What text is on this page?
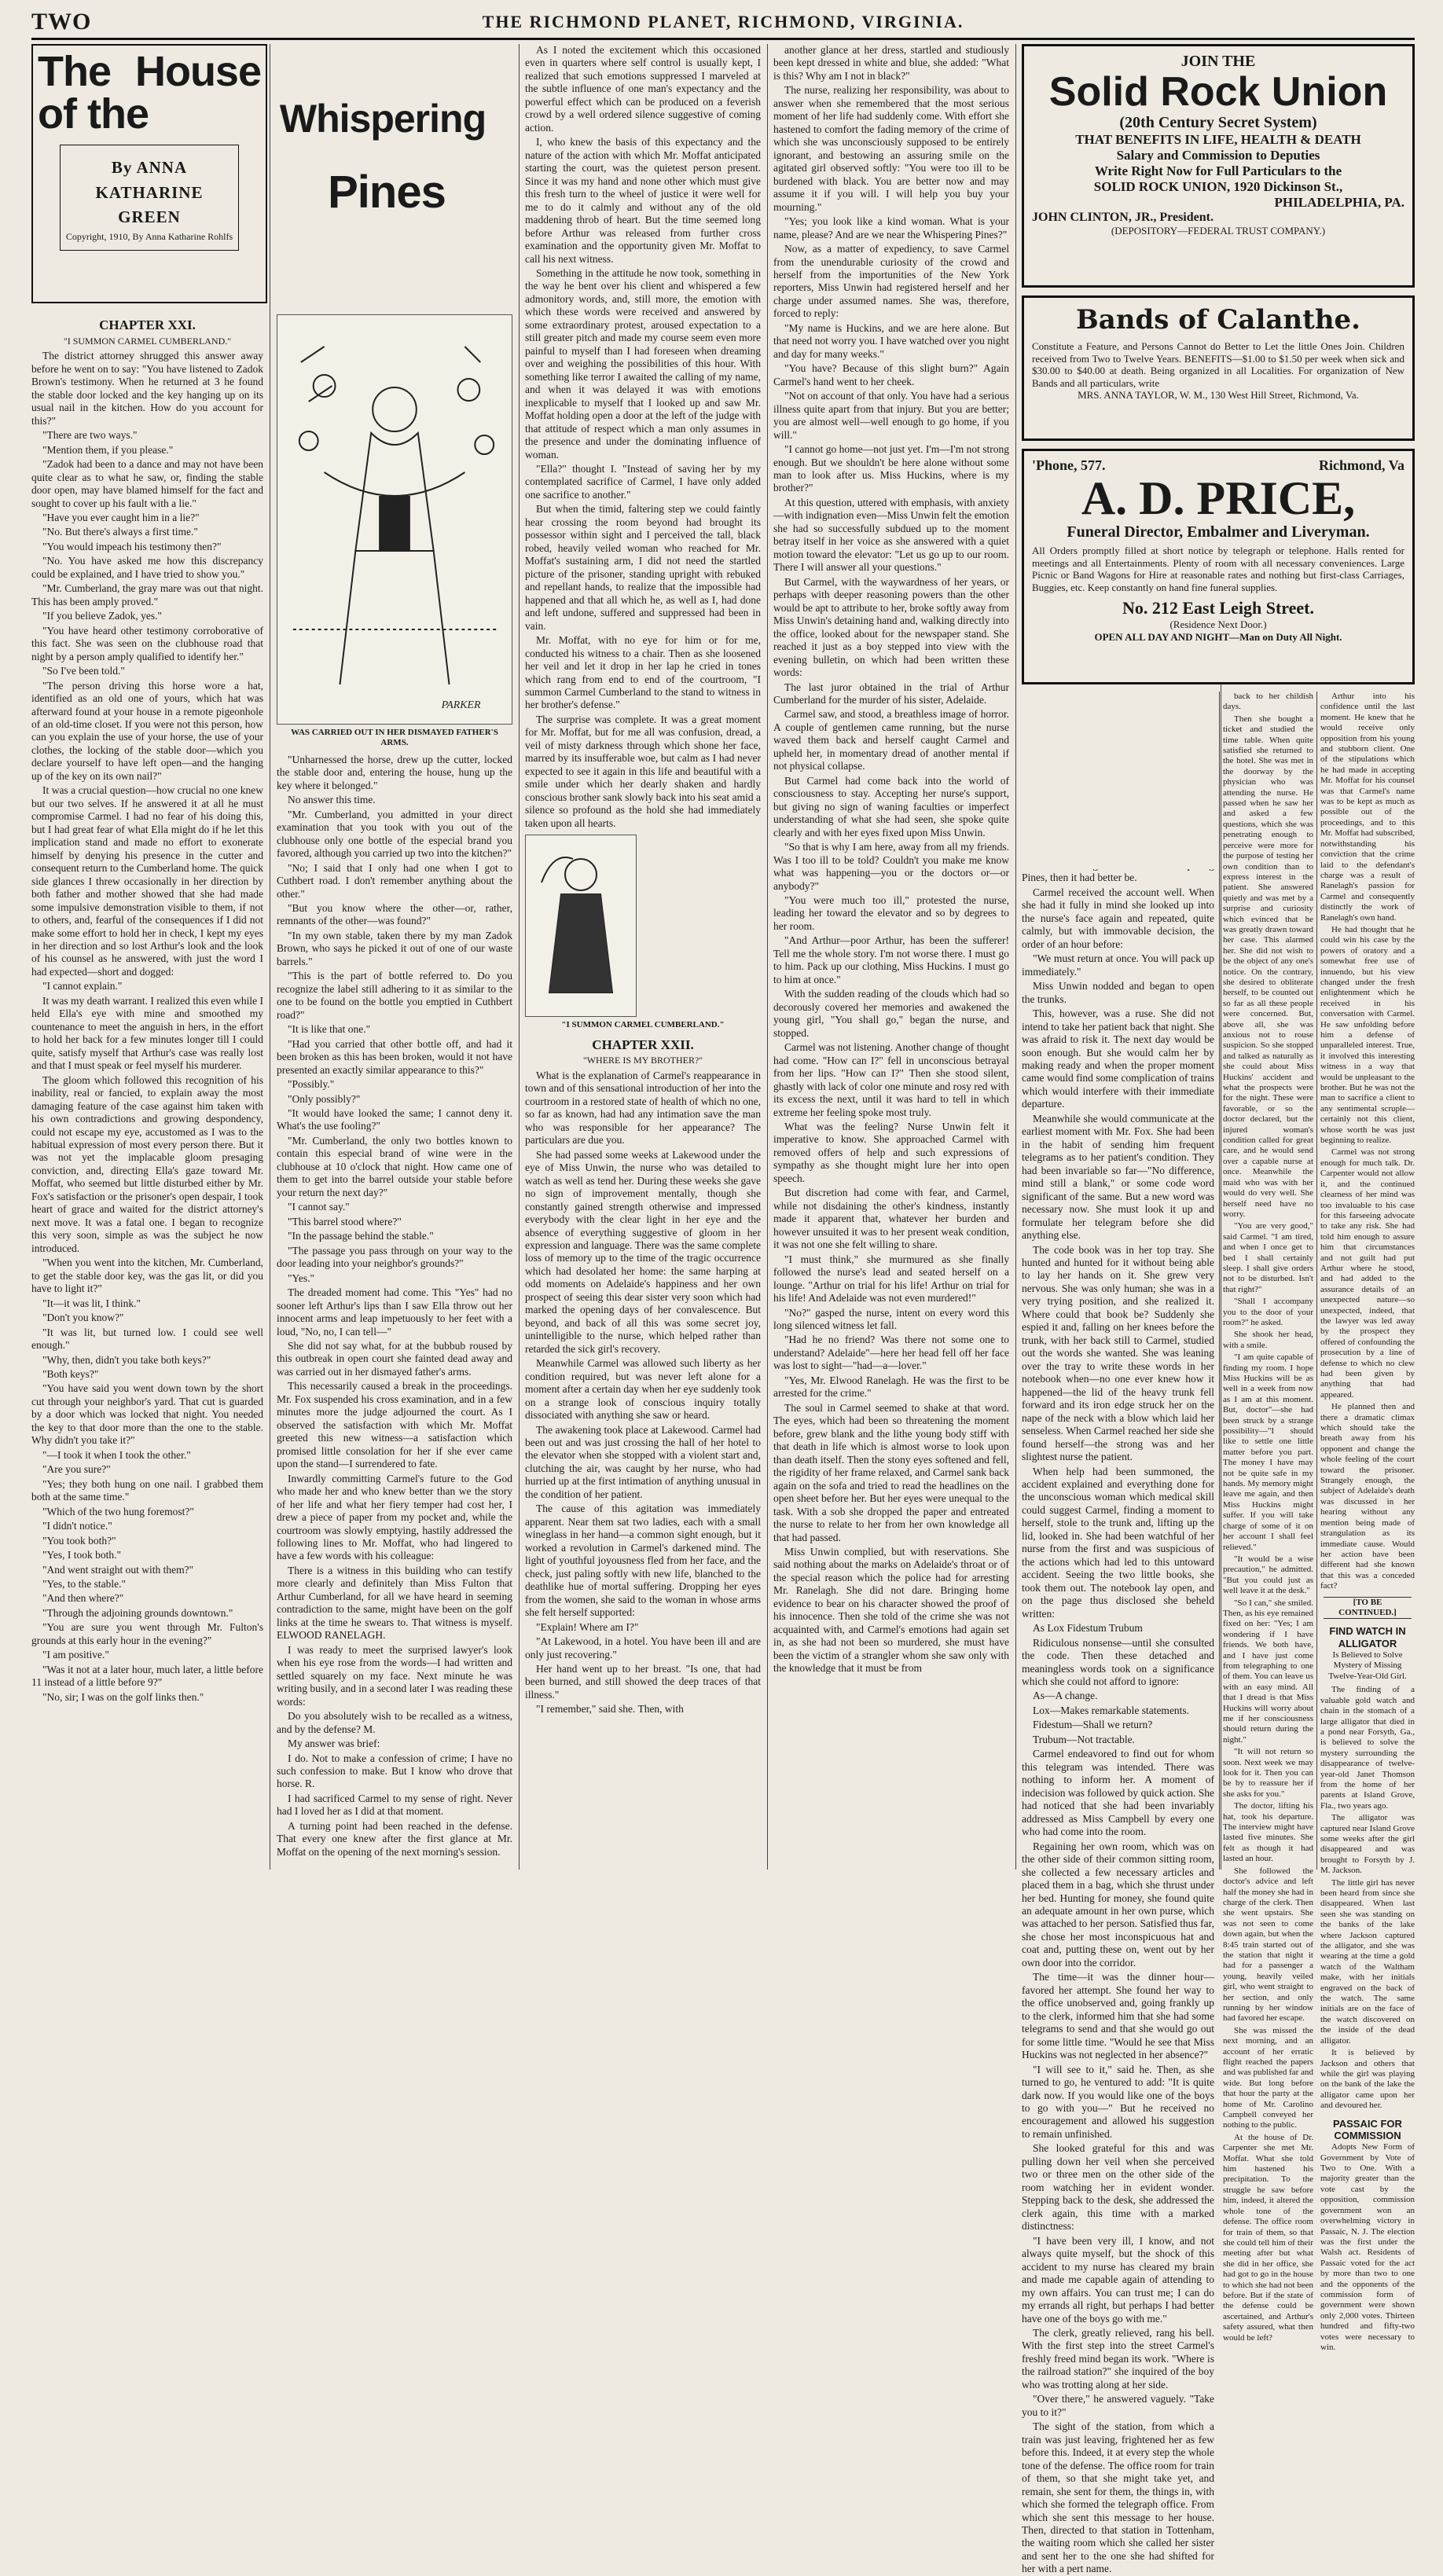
TWO	THE RICHMOND PLANET, RICHMOND, VIRGINIA.
The House of the
By ANNA
KATHARINE
GREEN
Copyright, 1910, By Anna Katharine Rohlfs
CHAPTER XXI.
"I SUMMON CARMEL CUMBERLAND."

The district attorney shrugged this answer away before he went on to say: "You have listened to Zadok Brown's testimony. When he returned at 3 he found the stable door locked and the key hanging up on its usual nail in the kitchen. How do you account for this?"

"There are two ways."

"Mention them, if you please."

"Zadok had been to a dance and may not have been quite clear as to what he saw, or, finding the stable door open, may have blamed himself for the fact and sought to cover up his fault with a lie."

"Have you ever caught him in a lie?"

"No. But there's always a first time."

"You would impeach his testimony then?"

"No. You have asked me how this discrepancy could be explained, and I have tried to show you."

"Mr. Cumberland, the gray mare was out that night. This has been amply proved."

"If you believe Zadok, yes."

"You have heard other testimony corroborative of this fact. She was seen on the clubhouse road that night by a person amply qualified to identify her."

"So I've been told."

"The person driving this horse wore a hat, identified as an old one of yours, which hat was afterward found at your house in a remote pigeonhole of an old-time closet. If you were not this person, how can you explain the use of your horse, the use of your clothes, the locking of the stable door—which you declare yourself to have left open—and the hanging up of the key on its own nail?"

It was a crucial question—how crucial no one knew but our two selves. If he answered it at all he must compromise Carmel. I had no fear of his doing this, but I had great fear of what Ella might do if he let this implication stand and made no effort to exonerate himself by denying his presence in the cutter and consequent return to the Cumberland home. The quick side glances I threw occasionally in her direction by both father and mother showed that she had made some impulsive demonstration visible to them, if not to others, and, fearful of the consequences if I did not make some effort to hold her in check, I kept my eyes in her direction and so lost Arthur's look and the look of his counsel as he answered, with just the word I had expected—short and dogged:

"I cannot explain."

It was my death warrant. I realized this even while I held Ella's eye with mine and smoothed my countenance to meet the anguish in hers, in the effort to hold her back for a few minutes longer till I could quite, satisfy myself that Arthur's case was really lost and that I must speak or feel myself his murderer.

The gloom which followed this recognition of his inability, real or fancied, to explain away the most damaging feature of the case against him taken with his own contradictions and growing despondency, could not escape my eye, accustomed as I was to the habitual expression of most every person there. But it was not yet the implacable gloom presaging conviction, and, directing Ella's gaze toward Mr. Moffat, who seemed but little disturbed either by Mr. Fox's satisfaction or the prisoner's open despair, I took heart of grace and waited for the district attorney's next move. It was a fatal one. I began to recognize this very soon, simple as was the subject he now introduced.

"When you went into the kitchen, Mr. Cumberland, to get the stable door key, was the gas lit, or did you have to light it?"

"It—it was lit, I think."

"Don't you know?"

"It was lit, but turned low. I could see well enough."

"Why, then, didn't you take both keys?"

"Both keys?"

"You have said you went down town by the short cut through your neighbor's yard. That cut is guarded by a door which was locked that night. You needed the key to that door more than the one to the stable. Why didn't you take it?"

"—I took it when I took the other."

"Are you sure?"

"Yes; they both hung on one nail. I grabbed them both at the same time."

"Which of the two hung foremost?"

"I didn't notice."

"You took both?"

"Yes, I took both."

"And went straight out with them?"

"Yes, to the stable."

"And then where?"

"Through the adjoining grounds downtown."

"You are sure you went through Mr. Fulton's grounds at this early hour in the evening?"

"I am positive."

"Was it not at a later hour, much later, a little before 11 instead of a little before 9?"

"No, sir; I was on the golf links then."

Whispering
Pines
PARKER
WAS CARRIED OUT IN HER DISMAYED FATHER'S ARMS.

"Unharnessed the horse, drew up the cutter, locked the stable door and, entering the house, hung up the key where it belonged."

No answer this time.

"Mr. Cumberland, you admitted in your direct examination that you took with you out of the clubhouse only one bottle of the especial brand you favored, although you carried up two into the kitchen?"

"No; I said that I only had one when I got to Cuthbert road. I don't remember anything about the other."

"But you know where the other—or, rather, remnants of the other—was found?"

"In my own stable, taken there by my man Zadok Brown, who says he picked it out of one of our waste barrels."

"This is the part of bottle referred to. Do you recognize the label still adhering to it as similar to the one to be found on the bottle you emptied in Cuthbert road?"

"It is like that one."

"Had you carried that other bottle off, and had it been broken as this has been broken, would it not have presented an exactly similar appearance to this?"

"Possibly."

"Only possibly?"

"It would have looked the same; I cannot deny it. What's the use fooling?"

"Mr. Cumberland, the only two bottles known to contain this especial brand of wine were in the clubhouse at 10 o'clock that night. How came one of them to get into the barrel outside your stable before your return the next day?"

"I cannot say."

"This barrel stood where?"

"In the passage behind the stable."

"The passage you pass through on your way to the door leading into your neighbor's grounds?"

"Yes."

The dreaded moment had come. This "Yes" had no sooner left Arthur's lips than I saw Ella throw out her innocent arms and leap impetuously to her feet with a loud, "No, no, I can tell—"

She did not say what, for at the bubbub roused by this outbreak in open court she fainted dead away and was carried out in her dismayed father's arms.

This necessarily caused a break in the proceedings. Mr. Fox suspended his cross examination, and in a few minutes more the judge adjourned the court. As I observed the satisfaction with which Mr. Moffat greeted this new witness—a satisfaction which promised little consolation for her if she ever came upon the stand—I surrendered to fate.

Inwardly committing Carmel's future to the God who made her and who knew better than we the story of her life and what her fiery temper had cost her, I drew a piece of paper from my pocket and, while the courtroom was slowly emptying, hastily addressed the following lines to Mr. Moffat, who had lingered to have a few words with his colleague:

There is a witness in this building who can testify more clearly and definitely than Miss Fulton that Arthur Cumberland, for all we have heard in seeming contradiction to the same, might have been on the golf links at the time he swears to. That witness is myself. ELWOOD RANELAGH.

I was ready to meet the surprised lawyer's look when his eye rose from the words—I had written and settled squarely on my face. Next minute he was writing busily, and in a second later I was reading these words:

Do you absolutely wish to be recalled as a witness, and by the defense? M.

My answer was brief:

I do. Not to make a confession of crime; I have no such confession to make. But I know who drove that horse. R.

I had sacrificed Carmel to my sense of right. Never had I loved her as I did at that moment.

A turning point had been reached in the defense. That every one knew after the first glance at Mr. Moffat on the opening of the next morning's session.

As I noted the excitement which this occasioned even in quarters where self control is usually kept, I realized that such emotions suppressed I marveled at the subtle influence of one man's expectancy and the powerful effect which can be produced on a feverish crowd by a well ordered silence suggestive of coming action.

I, who knew the basis of this expectancy and the nature of the action with which Mr. Moffat anticipated starting the court, was the quietest person present. Since it was my hand and none other which must give this fresh turn to the wheel of justice it were well for me to do it calmly and without any of the old maddening throb of heart. But the time seemed long before Arthur was released from further cross examination and the opportunity given Mr. Moffat to call his next witness.

Something in the attitude he now took, something in the way he bent over his client and whispered a few admonitory words, and, still more, the emotion with which these words were received and answered by some extraordinary protest, aroused expectation to a still greater pitch and made my course seem even more painful to myself than I had foreseen when dreaming over and weighing the possibilities of this hour. With something like terror I awaited the calling of my name, and when it was delayed it was with emotions inexplicable to myself that I looked up and saw Mr. Moffat holding open a door at the left of the judge with that attitude of respect which a man only assumes in the presence and under the dominating influence of woman.

"Ella?" thought I. "Instead of saving her by my contemplated sacrifice of Carmel, I have only added one sacrifice to another."

But when the timid, faltering step we could faintly hear crossing the room beyond had brought its possessor within sight and I perceived the tall, black robed, heavily veiled woman who reached for Mr. Moffat's sustaining arm, I did not need the startled picture of the prisoner, standing upright with rebuked and repellant hands, to realize that the impossible had happened and that all which he, as well as I, had done and left undone, suffered and suppressed had been in vain.

Mr. Moffat, with no eye for him or for me, conducted his witness to a chair. Then as she loosened her veil and let it drop in her lap he cried in tones which rang from end to end of the courtroom, "I summon Carmel Cumberland to the stand to witness in her brother's defense."

The surprise was complete. It was a great moment for Mr. Moffat, but for me all was confusion, dread, a veil of misty darkness through which shone her face, marred by its insufferable woe, but calm as I had never expected to see it again in this life and beautiful with a smile under which her dearly shaken and hardly conscious brother sank slowly back into his seat amid a silence so profound as the hold she had immediately taken upon all hearts.

"I SUMMON CARMEL CUMBERLAND."
CHAPTER XXII.
"WHERE IS MY BROTHER?"

What is the explanation of Carmel's reappearance in town and of this sensational introduction of her into the courtroom in a restored state of health of which no one, so far as known, had had any intimation save the man who was responsible for her appearance? The particulars are due you.

She had passed some weeks at Lakewood under the eye of Miss Unwin, the nurse who was detailed to watch as well as tend her. During these weeks she gave no sign of improvement mentally, though she constantly gained strength otherwise and impressed everybody with the clear light in her eye and the absence of everything suggestive of gloom in her expression and language. There was the same complete loss of memory up to the time of the tragic occurrence which had desolated her home: the same harping at odd moments on Adelaide's happiness and her own prospect of seeing this dear sister very soon which had marked the opening days of her convalescence. But beyond, and back of all this was some secret joy, unintelligible to the nurse, which helped rather than retarded the sick girl's recovery.

Meanwhile Carmel was allowed such liberty as her condition required, but was never left alone for a moment after a certain day when her eye suddenly took on a strange look of conscious inquiry totally dissociated with anything she saw or heard.

The awakening took place at Lakewood. Carmel had been out and was just crossing the hall of her hotel to the elevator when she stopped with a violent start and, clutching the air, was caught by her nurse, who had hurried up at the first intimation of anything unusual in the condition of her patient.

The cause of this agitation was immediately apparent. Near them sat two ladies, each with a small wineglass in her hand—a common sight enough, but it worked a revolution in Carmel's darkened mind. The light of youthful joyousness fled from her face, and the check, just paling softly with new life, blanched to the deathlike hue of mortal suffering. Dropping her eyes from the women, she said to the woman in whose arms she felt herself supported:

"Explain! Where am I?"

"At Lakewood, in a hotel. You have been ill and are only just recovering."

Her hand went up to her breast. "Is one, that had been burned, and still showed the deep traces of that illness."

"I remember," said she. Then, with

another glance at her dress, startled and studiously been kept dressed in white and blue, she added: "What is this? Why am I not in black?"

The nurse, realizing her responsibility, was about to answer when she remembered that the most serious moment of her life had suddenly come. With effort she hastened to comfort the fading memory of the crime of which she was unconsciously supposed to be entirely ignorant, and bestowing an assuring smile on the agitated girl observed softly: "You were too ill to be burdened with black. You are better now and may assume it if you will. I will help you buy your mourning."

"Yes; you look like a kind woman. What is your name, please? And are we near the Whispering Pines?"

Now, as a matter of expediency, to save Carmel from the unendurable curiosity of the crowd and herself from the importunities of the New York reporters, Miss Unwin had registered herself and her charge under assumed names. She was, therefore, forced to reply:

"My name is Huckins, and we are here alone. But that need not worry you. I have watched over you night and day for many weeks."

"You have? Because of this slight burn?" Again Carmel's hand went to her cheek.

"Not on account of that only. You have had a serious illness quite apart from that injury. But you are better; you are almost well—well enough to go home, if you will."

"I cannot go home—not just yet. I'm—I'm not strong enough. But we shouldn't be here alone without some man to look after us. Miss Huckins, where is my brother?"

At this question, uttered with emphasis, with anxiety—with indignation even—Miss Unwin felt the emotion she had so successfully subdued up to the moment betray itself in her voice as she answered with a quiet motion toward the elevator: "Let us go up to our room. There I will answer all your questions."

But Carmel, with the waywardness of her years, or perhaps with deeper reasoning powers than the other would be apt to attribute to her, broke softly away from Miss Unwin's detaining hand and, walking directly into the office, looked about for the newspaper stand. She reached it just as a boy stepped into view with the evening bulletin, on which had been written these words:

The last juror obtained in the trial of Arthur Cumberland for the murder of his sister, Adelaide.

Carmel saw, and stood, a breathless image of horror. A couple of gentlemen came running, but the nurse waved them back and herself caught Carmel and upheld her, in momentary dread of another mental if not physical collapse.

But Carmel had come back into the world of consciousness to stay. Accepting her nurse's support, but giving no sign of waning faculties or imperfect understanding of what she had seen, she spoke quite clearly and with her eyes fixed upon Miss Unwin.

"So that is why I am here, away from all my friends. Was I too ill to be told? Couldn't you make me know what was happening—you or the doctors or—or anybody?"

"You were much too ill," protested the nurse, leading her toward the elevator and so by degrees to her room.

"And Arthur—poor Arthur, has been the sufferer! Tell me the whole story. I'm not worse there. I must go to him. Pack up our clothing, Miss Huckins. I must go to him at once."

With the sudden reading of the clouds which had so decorously covered her memories and awakened the young girl, "You shall go," began the nurse, and stopped.

Carmel was not listening. Another change of thought had come. "How can I?" fell in unconscious betrayal from her lips. "How can I?" Then she stood silent, ghastly with lack of color one minute and rosy red with its excess the next, until it was hard to tell in which extreme her feeling spoke most truly.

What was the feeling? Nurse Unwin felt it imperative to know. She approached Carmel with removed offers of help and such expressions of sympathy as she thought might lure her into open speech.

But discretion had come with fear, and Carmel, while not disdaining the other's kindness, instantly made it apparent that, whatever her burden and however unsuited it was to her present weak condition, it was not one she felt willing to share.

"I must think," she murmured as she finally followed the nurse's lead and seated herself on a lounge. "Arthur on trial for his life! Arthur on trial for his life! And Adelaide was not even murdered!"

"No?" gasped the nurse, intent on every word this long silenced witness let fall.

"Had he no friend? Was there not some one to understand? Adelaide"—here her head fell off her face was lost to sight—"had—a—lover."

"Yes, Mr. Elwood Ranelagh. He was the first to be arrested for the crime."

The soul in Carmel seemed to shake at that word. The eyes, which had been so threatening the moment before, grew blank and the lithe young body stiff with that death in life which is almost worse to look upon than death itself. Then the stony eyes softened and fell, the rigidity of her frame relaxed, and Carmel sank back again on the sofa and tried to read the headlines on the open sheet before her. But her eyes were unequal to the task. With a sob she dropped the paper and entreated the nurse to relate to her from her own knowledge all that had passed.

Miss Unwin complied, but with reservations. She said nothing about the marks on Adelaide's throat or of the special reason which the police had for arresting Mr. Ranelagh. She did not dare. Bringing home evidence to bear on his character showed the proof of his innocence. Then she told of the crime she was not acquainted with, and Carmel's emotions had again set in, as she had not been so murdered, she must have been the victim of a strangler whom she saw only with the knowledge that it must be from

Pines, then it had better be.

Carmel received the account well. When she had it fully in mind she looked up into the nurse's face again and repeated, quite calmly, but with immovable decision, the order of an hour before:

"We must return at once. You will pack up immediately."

Miss Unwin nodded and began to open the trunks.

This, however, was a ruse. She did not intend to take her patient back that night. She was afraid to risk it. The next day would be soon enough. But she would calm her by making ready and when the proper moment came would find some complication of trains which would interfere with their immediate departure.

Meanwhile she would communicate at the earliest moment with Mr. Fox. She had been in the habit of sending him frequent telegrams as to her patient's condition. They had been invariable so far—"No difference, mind still a blank," or some code word significant of the same. But a new word was necessary now. She must look it up and formulate her telegram before she did anything else.

The code book was in her top tray. She hunted and hunted for it without being able to lay her hands on it. She grew very nervous. She was only human; she was in a very trying position, and she realized it. Where could that book be? Suddenly she espied it and, falling on her knees before the trunk, with her back still to Carmel, studied out the words she wanted. She was leaning over the tray to write these words in her notebook when—no one ever knew how it happened—the lid of the heavy trunk fell forward and its iron edge struck her on the nape of the neck with a blow which laid her senseless. When Carmel reached her side she found herself—the strong was and her slightest nurse the patient.

When help had been summoned, the accident explained and everything done for the unconscious woman which medical skill could suggest Carmel, finding a moment to herself, stole to the trunk and, lifting up the lid, looked in. She had been watchful of her nurse from the first and was suspicious of the actions which had led to this untoward accident. Seeing the two little books, she took them out. The notebook lay open, and on the page thus disclosed she beheld written:

As Lox Fidestum Trubum

Ridiculous nonsense—until she consulted the code. Then these detached and meaningless words took on a significance which she could not afford to ignore:

As—A change.

Lox—Makes remarkable statements.

Fidestum—Shall we return?

Trubum—Not tractable.

Carmel endeavored to find out for whom this telegram was intended. There was nothing to inform her. A moment of indecision was followed by quick action. She had noticed that she had been invariably addressed as Miss Campbell by every one who had come into the room.

Regaining her own room, which was on the other side of their common sitting room, she collected a few necessary articles and placed them in a bag, which she thrust under her bed. Hunting for money, she found quite an adequate amount in her own purse, which was attached to her person. Satisfied thus far, she chose her most inconspicuous hat and coat and, putting these on, went out by her own door into the corridor.

The time—it was the dinner hour—favored her attempt. She found her way to the office unobserved and, going frankly up to the clerk, informed him that she had some telegrams to send and that she would go out for some little time. "Would he see that Miss Huckins was not neglected in her absence?"

"I will see to it," said he. Then, as she turned to go, he ventured to add: "It is quite dark now. If you would like one of the boys to go with you—" But he received no encouragement and allowed his suggestion to remain unfinished.

She looked grateful for this and was pulling down her veil when she perceived two or three men on the other side of the room watching her in evident wonder. Stepping back to the desk, she addressed the clerk again, this time with a marked distinctness:

"I have been very ill, I know, and not always quite myself, but the shock of this accident to my nurse has cleared my brain and made me capable again of attending to my own affairs. You can trust me; I can do my errands all right, but perhaps I had better have one of the boys go with me."

The clerk, greatly relieved, rang his bell. With the first step into the street Carmel's freshly freed mind began its work. "Where is the railroad station?" she inquired of the boy who was trotting along at her side.

"Over there," he answered vaguely. "Take you to it?"

The sight of the station, from which a train was just leaving, frightened her as few before this. Indeed, it at every step the whole tone of the defense. The office room for train of them, so that she might take yet, and remain, she sent for them, the things in, with which she formed the telegraph office. From which she sent this message to her house. Then, directed to that station in Tottenham, the waiting room which she called her sister and sent her to the one she had shifted for her with a pert name.

JOIN THE
Solid Rock Union
(20th Century Secret System)
THAT BENEFITS IN LIFE, HEALTH & DEATH
Salary and Commission to Deputies
Write Right Now for Full Particulars to the
SOLID ROCK UNION, 1920 Dickinson St.,
PHILADELPHIA, PA.
JOHN CLINTON, JR., President.
(DEPOSITORY—FEDERAL TRUST COMPANY.)
Bands of Calanthe.
Constitute a Feature, and Persons Cannot do Better to Let the little Ones Join. Children received from Two to Twelve Years. BENEFITS—$1.00 to $1.50 per week when sick and $30.00 to $40.00 at death. Being organized in all Localities. For organization of New Bands and all particulars, write
MRS. ANNA TAYLOR, W. M., 130 West Hill Street, Richmond, Va.
'Phone, 577.	Richmond, Va
A. D. PRICE,
Funeral Director, Embalmer and Liveryman.
All Orders promptly filled at short notice by telegraph or telephone. Halls rented for meetings and all Entertainments. Plenty of room with all necessary conveniences. Large Picnic or Band Wagons for Hire at reasonable rates and nothing but first-class Carriages, Buggies, etc. Keep constantly on hand fine funeral supplies.
No. 212 East Leigh Street.
(Residence Next Door.)
OPEN ALL DAY AND NIGHT—Man on Duty All Night.

back to her childish days.

Then she bought a ticket and studied the time table. When quite satisfied she returned to the hotel. She was met in the doorway by the physician who was attending the nurse. He passed when he saw her and asked a few questions, which she was penetrating enough to perceive were more for the purpose of testing her own condition than to express interest in the patient. She answered quietly and was met by a surprise and curiosity which evinced that he was greatly drawn toward her case. This alarmed her. She did not wish to be the object of any one's notice. On the contrary, she desired to obliterate herself, to be counted out so far as all these people were concerned. But, above all, she was anxious not to rouse suspicion. So she stopped and talked as naturally as she could about Miss Huckins' accident and what the prospects were for the night. These were favorable, or so the doctor declared, but the injured woman's condition called for great care, and he would send over a capable nurse at once. Meanwhile the maid who was with her would do very well. She herself need have no worry.

"You are very good," said Carmel. "I am tired, and when I once get to bed I shall certainly sleep. I shall give orders not to be disturbed. Isn't that right?"

"Shall I accompany you to the door of your room?" he asked.

She shook her head, with a smile.

"I am quite capable of finding my room. I hope Miss Huckins will be as well in a week from now as I am at this moment. But, doctor"—she had been struck by a strange possibility—"I should like to settle one little matter before you part. The money I have may not be quite safe in my hands. My memory might leave me again, and then Miss Huckins might suffer. If you will take charge of some of it on her account I shall feel relieved."

"It would be a wise precaution," he admitted. "But you could just as well leave it at the desk."

"So I can," she smiled. Then, as his eye remained fixed on her: "Yes; I am wondering if I have friends. We both have, and I have just come from telegraphing to one of them. You can leave us with an easy mind. All that I dread is that Miss Huckins will worry about me if her consciousness should return during the night."

"It will not return so soon. Next week we may look for it. Then you can be by to reassure her if she asks for you."

The doctor, lifting his hat, took his departure. The interview might have lasted five minutes. She felt as though it had lasted an hour.

She followed the doctor's advice and left half the money she had in charge of the clerk. Then she went upstairs. She was not seen to come down again, but when the 8:45 train started out of the station that night it had for a passenger a young, heavily veiled girl, who went straight to her section, and only running by her window had favored her escape.

She was missed the next morning, and an account of her erratic flight reached the papers and was published far and wide. But long before that hour the party at the home of Mr. Carolino Campbell conveyed her nothing to the public.

At the house of Dr. Carpenter she met Mr. Moffat. What she told him hastened his precipitation. To the struggle he saw before him, indeed, it altered the whole tone of the defense. The office room for train of them, so that she could tell him of their meeting after but what she did in her office, she had got to go in the house to which she had not been before. But if the state of the defense could be ascertained, and Arthur's safety assured, what then would be left?

Arthur into his confidence until the last moment. He knew that he would receive only opposition from his young and stubborn client. One of the stipulations which he had made in accepting Mr. Moffat for his counsel was that Carmel's name was to be kept as much as possible out of the proceedings, and to this Mr. Moffat had subscribed, notwithstanding his conviction that the crime laid to the defendant's charge was a result of Ranelagh's passion for Carmel and consequently distinctly the work of Ranelagh's own hand.

He had thought that he could win his case by the powers of oratory and a somewhat free use of innuendo, but his view changed under the fresh enlightenment which he received in his conversation with Carmel. He saw unfolding before him a defense of unparalleled interest. True, it involved this interesting witness in a way that would be unpleasant to the brother. But he was not the man to sacrifice a client to any sentimental scruple—certainly not this client, whose worth he was just beginning to realize.

Carmel was not strong enough for much talk. Dr. Carpenter would not allow it, and the continued clearness of her mind was too invaluable to his case for this farseeing advocate to take any risk. She had told him enough to assure him that circumstances and not guilt had put Arthur where he stood, and had added to the assurance details of an unexpected nature—so unexpected, indeed, that the lawyer was led away by the prospect they offered of confounding the prosecution by a line of defense to which no clew had been given by anything that had appeared.

He planned then and there a dramatic climax which should take the breath away from his opponent and change the whole feeling of the court toward the prisoner. Strangely enough, the subject of Adelaide's death was discussed in her hearing without any mention being made of strangulation as its immediate cause. Would her action have been different had she known that this was a conceded fact?

[TO BE CONTINUED.]
FIND WATCH IN ALLIGATOR
Is Believed to Solve Mystery of Missing Twelve-Year-Old Girl.

The finding of a valuable gold watch and chain in the stomach of a large alligator that died in a pond near Forsyth, Ga., is believed to solve the mystery surrounding the disappearance of twelve-year-old Janet Thomson from the home of her parents at Island Grove, Fla., two years ago.

The alligator was captured near Island Grove some weeks after the girl disappeared and was brought to Forsyth by J. M. Jackson.

The little girl has never been heard from since she disappeared. When last seen she was standing on the banks of the lake where Jackson captured the alligator, and she was wearing at the time a gold watch of the Waltham make, with her initials engraved on the back of the watch. The same initials are on the face of the watch discovered on the inside of the dead alligator.

It is believed by Jackson and others that while the girl was playing on the bank of the lake the alligator came upon her and devoured her.

PASSAIC FOR COMMISSION

Adopts New Form of Government by Vote of Two to One. With a majority greater than the vote cast by the opposition, commission government won an overwhelming victory in Passaic, N. J. The election was the first under the Walsh act. Residents of Passaic voted for the act by more than two to one and the opponents of the commission form of government were shown only 2,000 votes. Thirteen hundred and fifty-two votes were necessary to win.
